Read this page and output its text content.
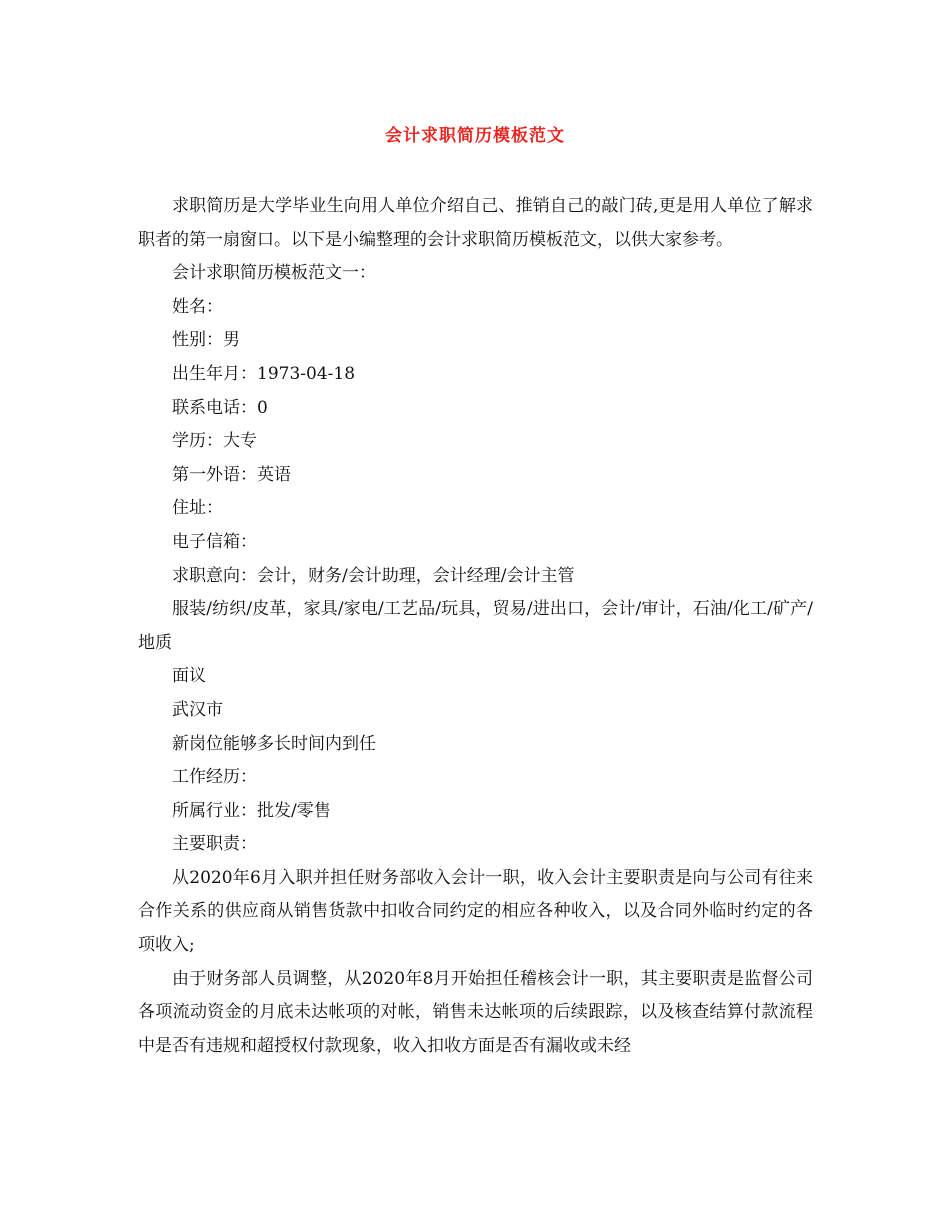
会计求职简历模板范文

求职简历是大学毕业生向用人单位介绍自己、推销自己的敲门砖,更是用人单位了解求职者的第一扇窗口。以下是小编整理的会计求职简历模板范文，以供大家参考。

会计求职简历模板范文一：

姓名：

性别：男

出生年月：1973-04-18

联系电话：0

学历：大专

第一外语：英语

住址：

电子信箱：

求职意向：会计，财务/会计助理，会计经理/会计主管

服装/纺织/皮革，家具/家电/工艺品/玩具，贸易/进出口，会计/审计，石油/化工/矿产/地质

面议

武汉市

新岗位能够多长时间内到任

工作经历：

所属行业：批发/零售

主要职责：

从2020年6月入职并担任财务部收入会计一职，收入会计主要职责是向与公司有往来合作关系的供应商从销售货款中扣收合同约定的相应各种收入，以及合同外临时约定的各项收入;

由于财务部人员调整，从2020年8月开始担任稽核会计一职，其主要职责是监督公司各项流动资金的月底未达帐项的对帐，销售未达帐项的后续跟踪，以及核查结算付款流程中是否有违规和超授权付款现象，收入扣收方面是否有漏收或未经
